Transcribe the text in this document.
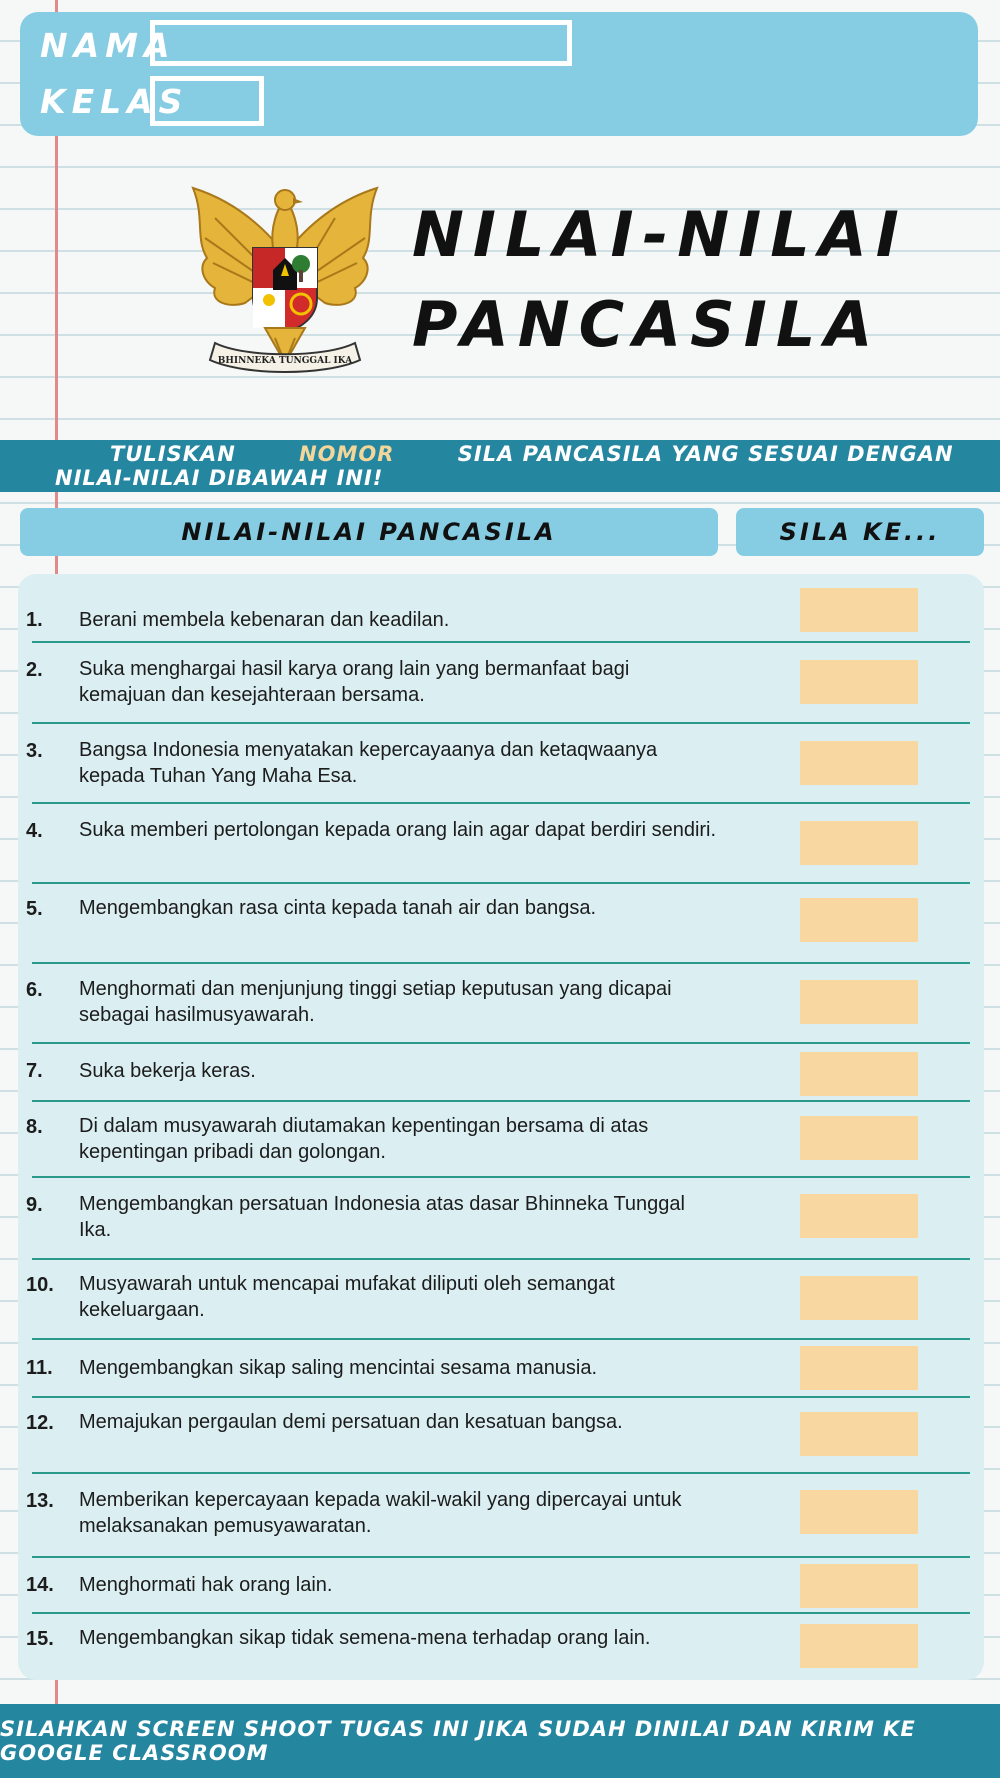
NAMA
KELAS
BHINNEKA TUNGGAL IKA
NILAI-NILAI
PANCASILA
TULISKAN	NOMOR	SILA PANCASILA YANG SESUAI DENGAN NILAI-NILAI DIBAWAH INI!
NILAI-NILAI PANCASILA	SILA KE...
1. Berani membela kebenaran dan keadilan.
2. Suka menghargai hasil karya orang lain yang bermanfaat bagi kemajuan dan kesejahteraan bersama.
3. Bangsa Indonesia menyatakan kepercayaanya dan ketaqwaanya kepada Tuhan Yang Maha Esa.
4. Suka memberi pertolongan kepada orang lain agar dapat berdiri sendiri.
5. Mengembangkan rasa cinta kepada tanah air dan bangsa.
6. Menghormati dan menjunjung tinggi setiap keputusan yang dicapai sebagai hasilmusyawarah.
7. Suka bekerja keras.
8. Di dalam musyawarah diutamakan kepentingan bersama di atas kepentingan pribadi dan golongan.
9. Mengembangkan persatuan Indonesia atas dasar Bhinneka Tunggal Ika.
10. Musyawarah untuk mencapai mufakat diliputi oleh semangat kekeluargaan.
11. Mengembangkan sikap saling mencintai sesama manusia.
12. Memajukan pergaulan demi persatuan dan kesatuan bangsa.
13. Memberikan kepercayaan kepada wakil-wakil yang dipercayai untuk melaksanakan pemusyawaratan.
14. Menghormati hak orang lain.
15. Mengembangkan sikap tidak semena-mena terhadap orang lain.
SILAHKAN SCREEN SHOOT TUGAS INI JIKA SUDAH DINILAI DAN KIRIM KE GOOGLE CLASSROOM
